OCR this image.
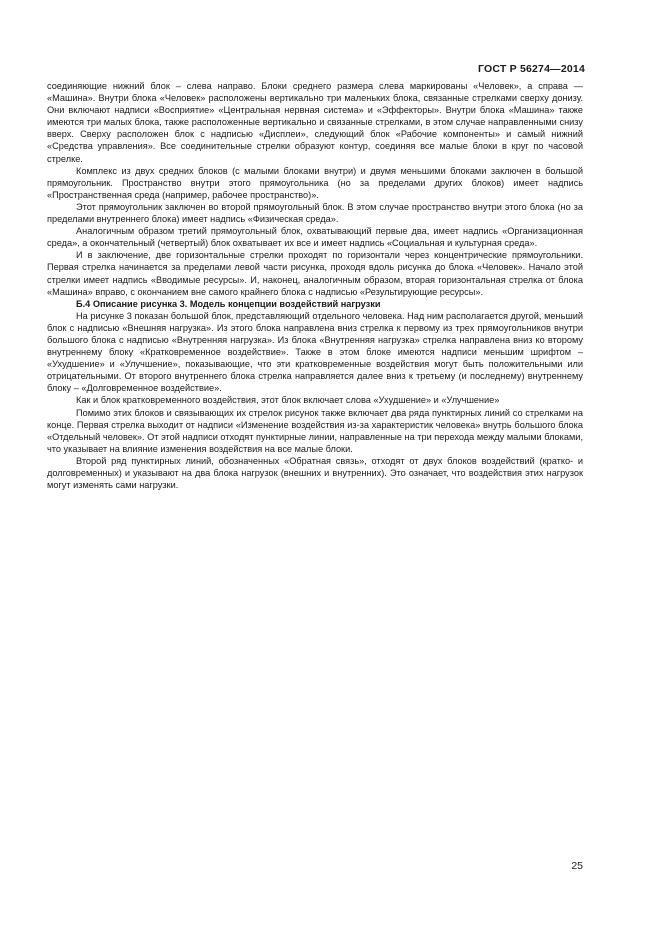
ГОСТ Р 56274—2014

соединяющие нижний блок – слева направо. Блоки среднего размера слева маркированы «Человек», а справа — «Машина». Внутри блока «Человек» расположены вертикально три маленьких блока, связанные стрелками сверху донизу. Они включают надписи «Восприятие» «Центральная нервная система» и «Эффекторы». Внутри блока «Машина» также имеются три малых блока, также расположенные вертикально и связанные стрелками, в этом случае направленными снизу вверх. Сверху расположен блок с надписью «Дисплеи», следующий блок «Рабочие компоненты» и самый нижний «Средства управления». Все соединительные стрелки образуют контур, соединяя все малые блоки в круг по часовой стрелке.

Комплекс из двух средних блоков (с малыми блоками внутри) и двумя меньшими блоками заключен в большой прямоугольник. Пространство внутри этого прямоугольника (но за пределами других блоков) имеет надпись «Пространственная среда (например, рабочее пространство)».

Этот прямоугольник заключен во второй прямоугольный блок. В этом случае пространство внутри этого блока (но за пределами внутреннего блока) имеет надпись «Физическая среда».

Аналогичным образом третий прямоугольный блок, охватывающий первые два, имеет надпись «Организационная среда», а окончательный (четвертый) блок охватывает их все и имеет надпись «Социальная и культурная среда».

И в заключение, две горизонтальные стрелки проходят по горизонтали через концентрические прямоугольники. Первая стрелка начинается за пределами левой части рисунка, проходя вдоль рисунка до блока «Человек». Начало этой стрелки имеет надпись «Вводимые ресурсы». И, наконец, аналогичным образом, вторая горизонтальная стрелка от блока «Машина» вправо, с окончанием вне самого крайнего блока с надписью «Результирующие ресурсы».

Б.4 Описание рисунка 3. Модель концепции воздействий нагрузки

На рисунке 3 показан большой блок, представляющий отдельного человека. Над ним располагается другой, меньший блок с надписью «Внешняя нагрузка». Из этого блока направлена вниз стрелка к первому из трех прямоугольников внутри большого блока с надписью «Внутренняя нагрузка». Из блока «Внутренняя нагрузка» стрелка направлена вниз ко второму внутреннему блоку «Кратковременное воздействие». Также в этом блоке имеются надписи меньшим шрифтом – «Ухудшение» и «Улучшение», показывающие, что эти кратковременные воздействия могут быть положительными или отрицательными. От второго внутреннего блока стрелка направляется далее вниз к третьему (и последнему) внутреннему блоку – «Долговременное воздействие».

Как и блок кратковременного воздействия, этот блок включает слова «Ухудшение» и «Улучшение»

Помимо этих блоков и связывающих их стрелок рисунок также включает два ряда пунктирных линий со стрелками на конце. Первая стрелка выходит от надписи «Изменение воздействия из-за характеристик человека» внутрь большого блока «Отдельный человек». От этой надписи отходят пунктирные линии, направленные на три перехода между малыми блоками, что указывает на влияние изменения воздействия на все малые блоки.

Второй ряд пунктирных линий, обозначенных «Обратная связь», отходят от двух блоков воздействий (кратко- и долговременных) и указывают на два блока нагрузок (внешних и внутренних). Это означает, что воздействия этих нагрузок могут изменять сами нагрузки.

25
